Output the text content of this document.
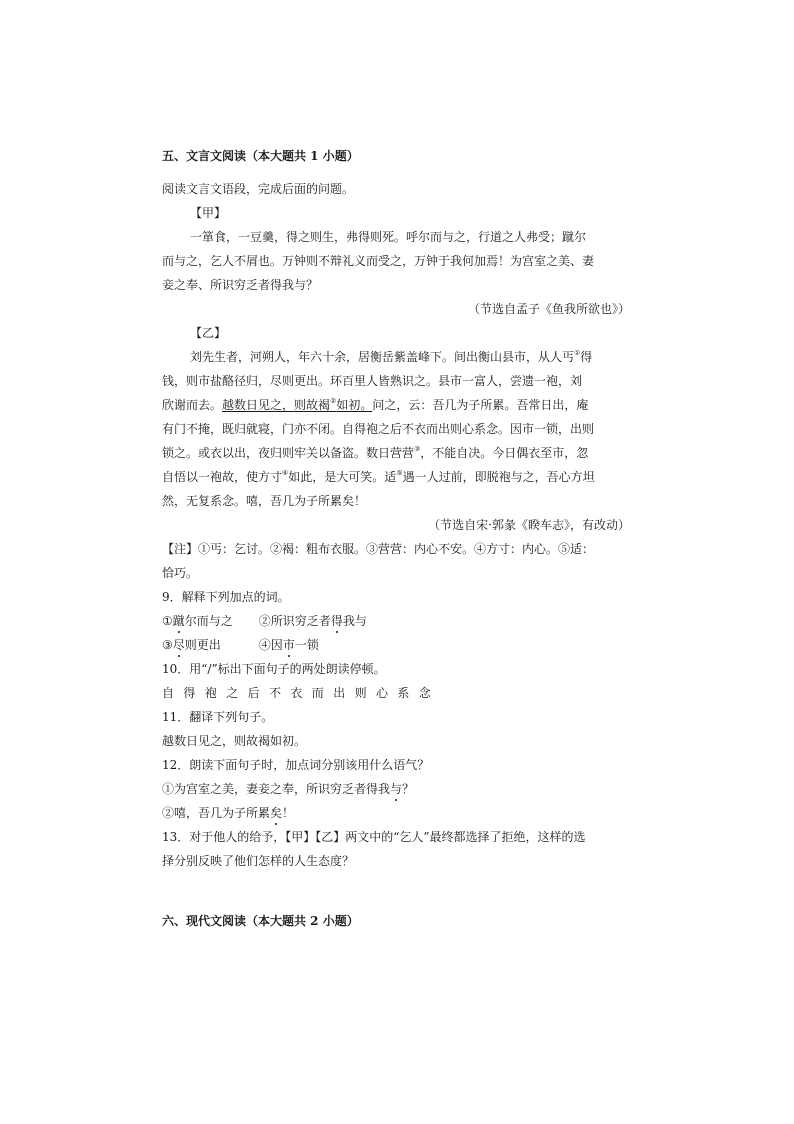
五、文言文阅读（本大题共 1 小题）
阅读文言文语段，完成后面的问题。
【甲】
一箪食，一豆羹，得之则生，弗得则死。呼尔而与之，行道之人弗受；蹴尔
而与之，乞人不屑也。万钟则不辩礼义而受之，万钟于我何加焉！为宫室之美、妻
妾之奉、所识穷乏者得我与？
（节选自孟子《鱼我所欲也》）
【乙】
刘先生者，河朔人，年六十余，居衡岳紫盖峰下。间出衡山县市，从人丐①得
钱，则市盐酪径归，尽则更出。环百里人皆熟识之。县市一富人，尝遗一袍，刘
欣谢而去。越数日见之，则故褐②如初。问之，云：吾几为子所累。吾常日出，庵
有门不掩，既归就寝，门亦不闭。自得袍之后不衣而出则心系念。因市一锁，出则
锁之。或衣以出，夜归则牢关以备盗。数日营营③，不能自决。今日偶衣至市，忽
自悟以一袍故，使方寸④如此，是大可笑。适⑤遇一人过前，即脱袍与之，吾心方坦
然，无复系念。嘻，吾几为子所累矣！
（节选自宋·郭彖《睽车志》，有改动）
【注】①丐：乞讨。②褐：粗布衣服。③营营：内心不安。④方寸：内心。⑤适：
恰巧。
9．解释下列加点的词。
①蹴尔而与之 ②所识穷乏者得我与
③尽则更出	④因市一锁
10．用“/”标出下面句子的两处朗读停顿。
自得袍之后不衣而出则心系念
11．翻译下列句子。
越数日见之，则故褐如初。
12．朗读下面句子时，加点词分别该用什么语气？
①为宫室之美，妻妾之奉，所识穷乏者得我与？
②嘻，吾几为子所累矣！
13．对于他人的给予，【甲】【乙】两文中的“乞人”最终都选择了拒绝，这样的选
择分别反映了他们怎样的人生态度？
六、现代文阅读（本大题共 2 小题）
